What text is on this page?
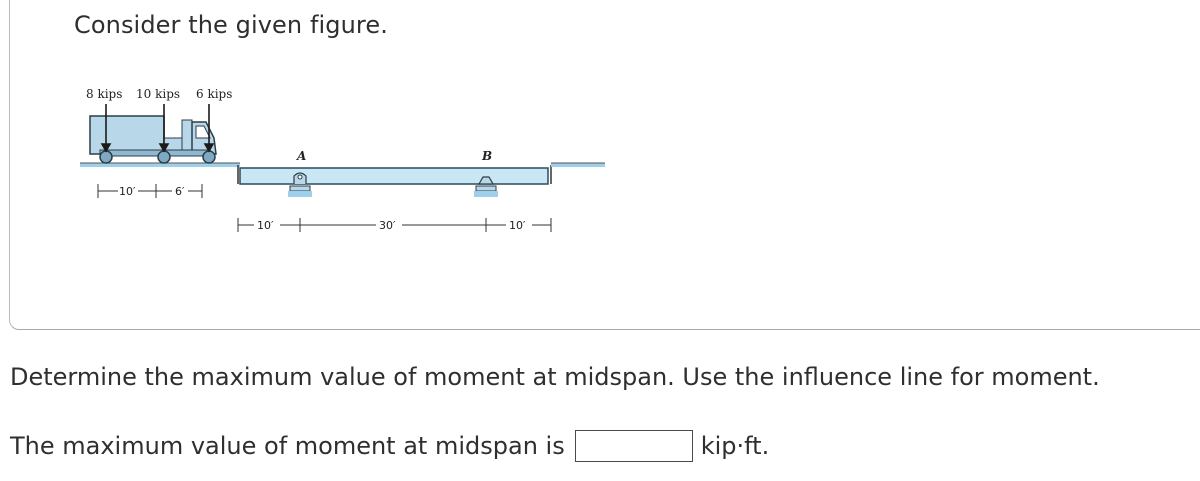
Consider the given figure.
8 kips 10 kips 6 kips
10′	6′
A	B
10′	30′	10′
Determine the maximum value of moment at midspan. Use the influence line for moment.
The maximum value of moment at midspan is	kip·ft.
